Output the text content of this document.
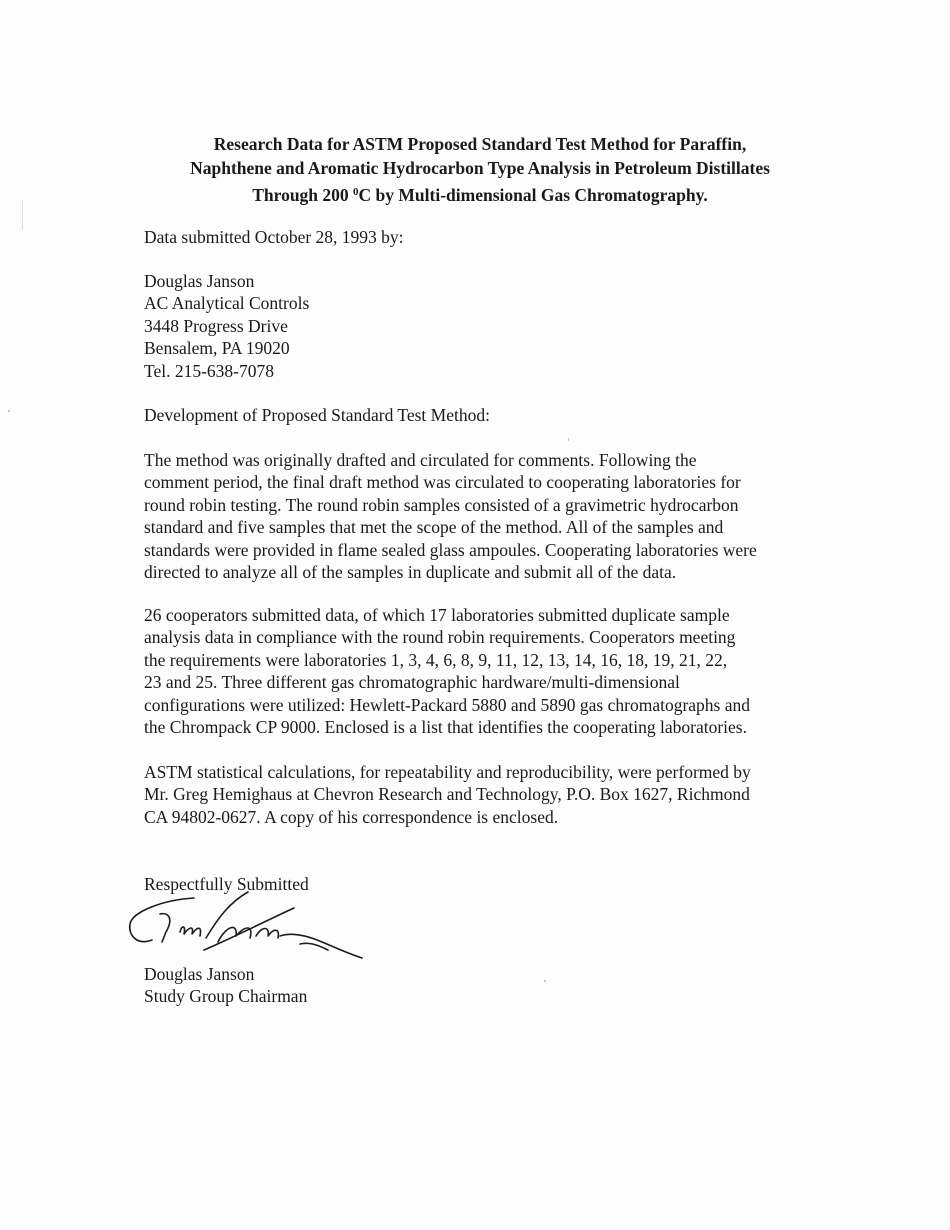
Research Data for ASTM Proposed Standard Test Method for Paraffin,
Naphthene and Aromatic Hydrocarbon Type Analysis in Petroleum Distillates
Through 200 $^0$C by Multi-dimensional Gas Chromatography.
Data submitted October 28, 1993 by:
Douglas Janson
AC Analytical Controls
3448 Progress Drive
Bensalem, PA 19020
Tel. 215-638-7078
Development of Proposed Standard Test Method:
The method was originally drafted and circulated for comments. Following the
comment period, the final draft method was circulated to cooperating laboratories for
round robin testing. The round robin samples consisted of a gravimetric hydrocarbon
standard and five samples that met the scope of the method. All of the samples and
standards were provided in flame sealed glass ampoules. Cooperating laboratories were
directed to analyze all of the samples in duplicate and submit all of the data.
26 cooperators submitted data, of which 17 laboratories submitted duplicate sample
analysis data in compliance with the round robin requirements. Cooperators meeting
the requirements were laboratories 1, 3, 4, 6, 8, 9, 11, 12, 13, 14, 16, 18, 19, 21, 22,
23 and 25. Three different gas chromatographic hardware/multi-dimensional
configurations were utilized: Hewlett-Packard 5880 and 5890 gas chromatographs and
the Chrompack CP 9000. Enclosed is a list that identifies the cooperating laboratories.
ASTM statistical calculations, for repeatability and reproducibility, were performed by
Mr. Greg Hemighaus at Chevron Research and Technology, P.O. Box 1627, Richmond
CA 94802-0627. A copy of his correspondence is enclosed.
Respectfully Submitted
Douglas Janson
Study Group Chairman
